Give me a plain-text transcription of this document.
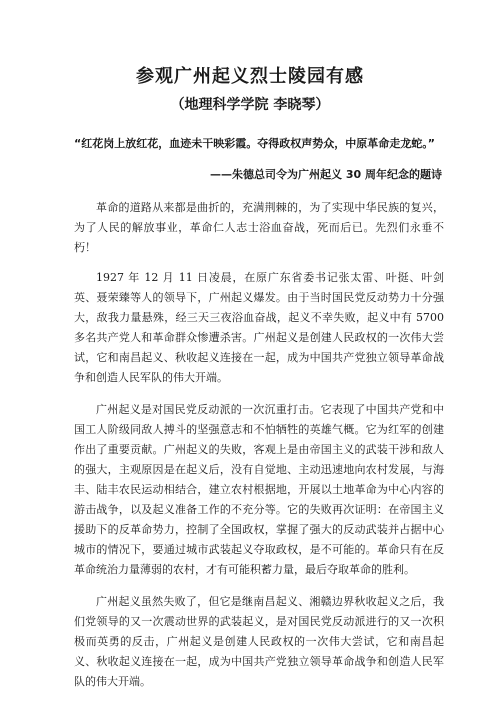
参观广州起义烈士陵园有感
（地理科学学院 李晓琴）
“红花岗上放红花，血迹未干映彩霞。夺得政权声势众，中原革命走龙蛇。”
——朱德总司令为广州起义 30 周年纪念的题诗

革命的道路从来都是曲折的，充满荆棘的，为了实现中华民族的复兴，为了人民的解放事业，革命仁人志士浴血奋战，死而后已。先烈们永垂不朽！

1927 年 12 月 11 日凌晨，在原广东省委书记张太雷、叶挺、叶剑英、聂荣臻等人的领导下，广州起义爆发。由于当时国民党反动势力十分强大，敌我力量悬殊，经三天三夜浴血奋战，起义不幸失败，起义中有 5700 多名共产党人和革命群众惨遭杀害。广州起义是创建人民政权的一次伟大尝试，它和南昌起义、秋收起义连接在一起，成为中国共产党独立领导革命战争和创造人民军队的伟大开端。

广州起义是对国民党反动派的一次沉重打击。它表现了中国共产党和中国工人阶级同敌人搏斗的坚强意志和不怕牺牲的英雄气概。它为红军的创建作出了重要贡献。广州起义的失败，客观上是由帝国主义的武装干涉和敌人的强大，主观原因是在起义后，没有自觉地、主动迅速地向农村发展，与海丰、陆丰农民运动相结合，建立农村根据地，开展以土地革命为中心内容的游击战争，以及起义准备工作的不充分等。它的失败再次证明：在帝国主义援助下的反革命势力，控制了全国政权，掌握了强大的反动武装并占据中心城市的情况下，要通过城市武装起义夺取政权，是不可能的。革命只有在反革命统治力量薄弱的农村，才有可能积蓄力量，最后夺取革命的胜利。

广州起义虽然失败了，但它是继南昌起义、湘赣边界秋收起义之后，我们党领导的又一次震动世界的武装起义，是对国民党反动派进行的又一次积极而英勇的反击，广州起义是创建人民政权的一次伟大尝试，它和南昌起义、秋收起义连接在一起，成为中国共产党独立领导革命战争和创造人民军队的伟大开端。
